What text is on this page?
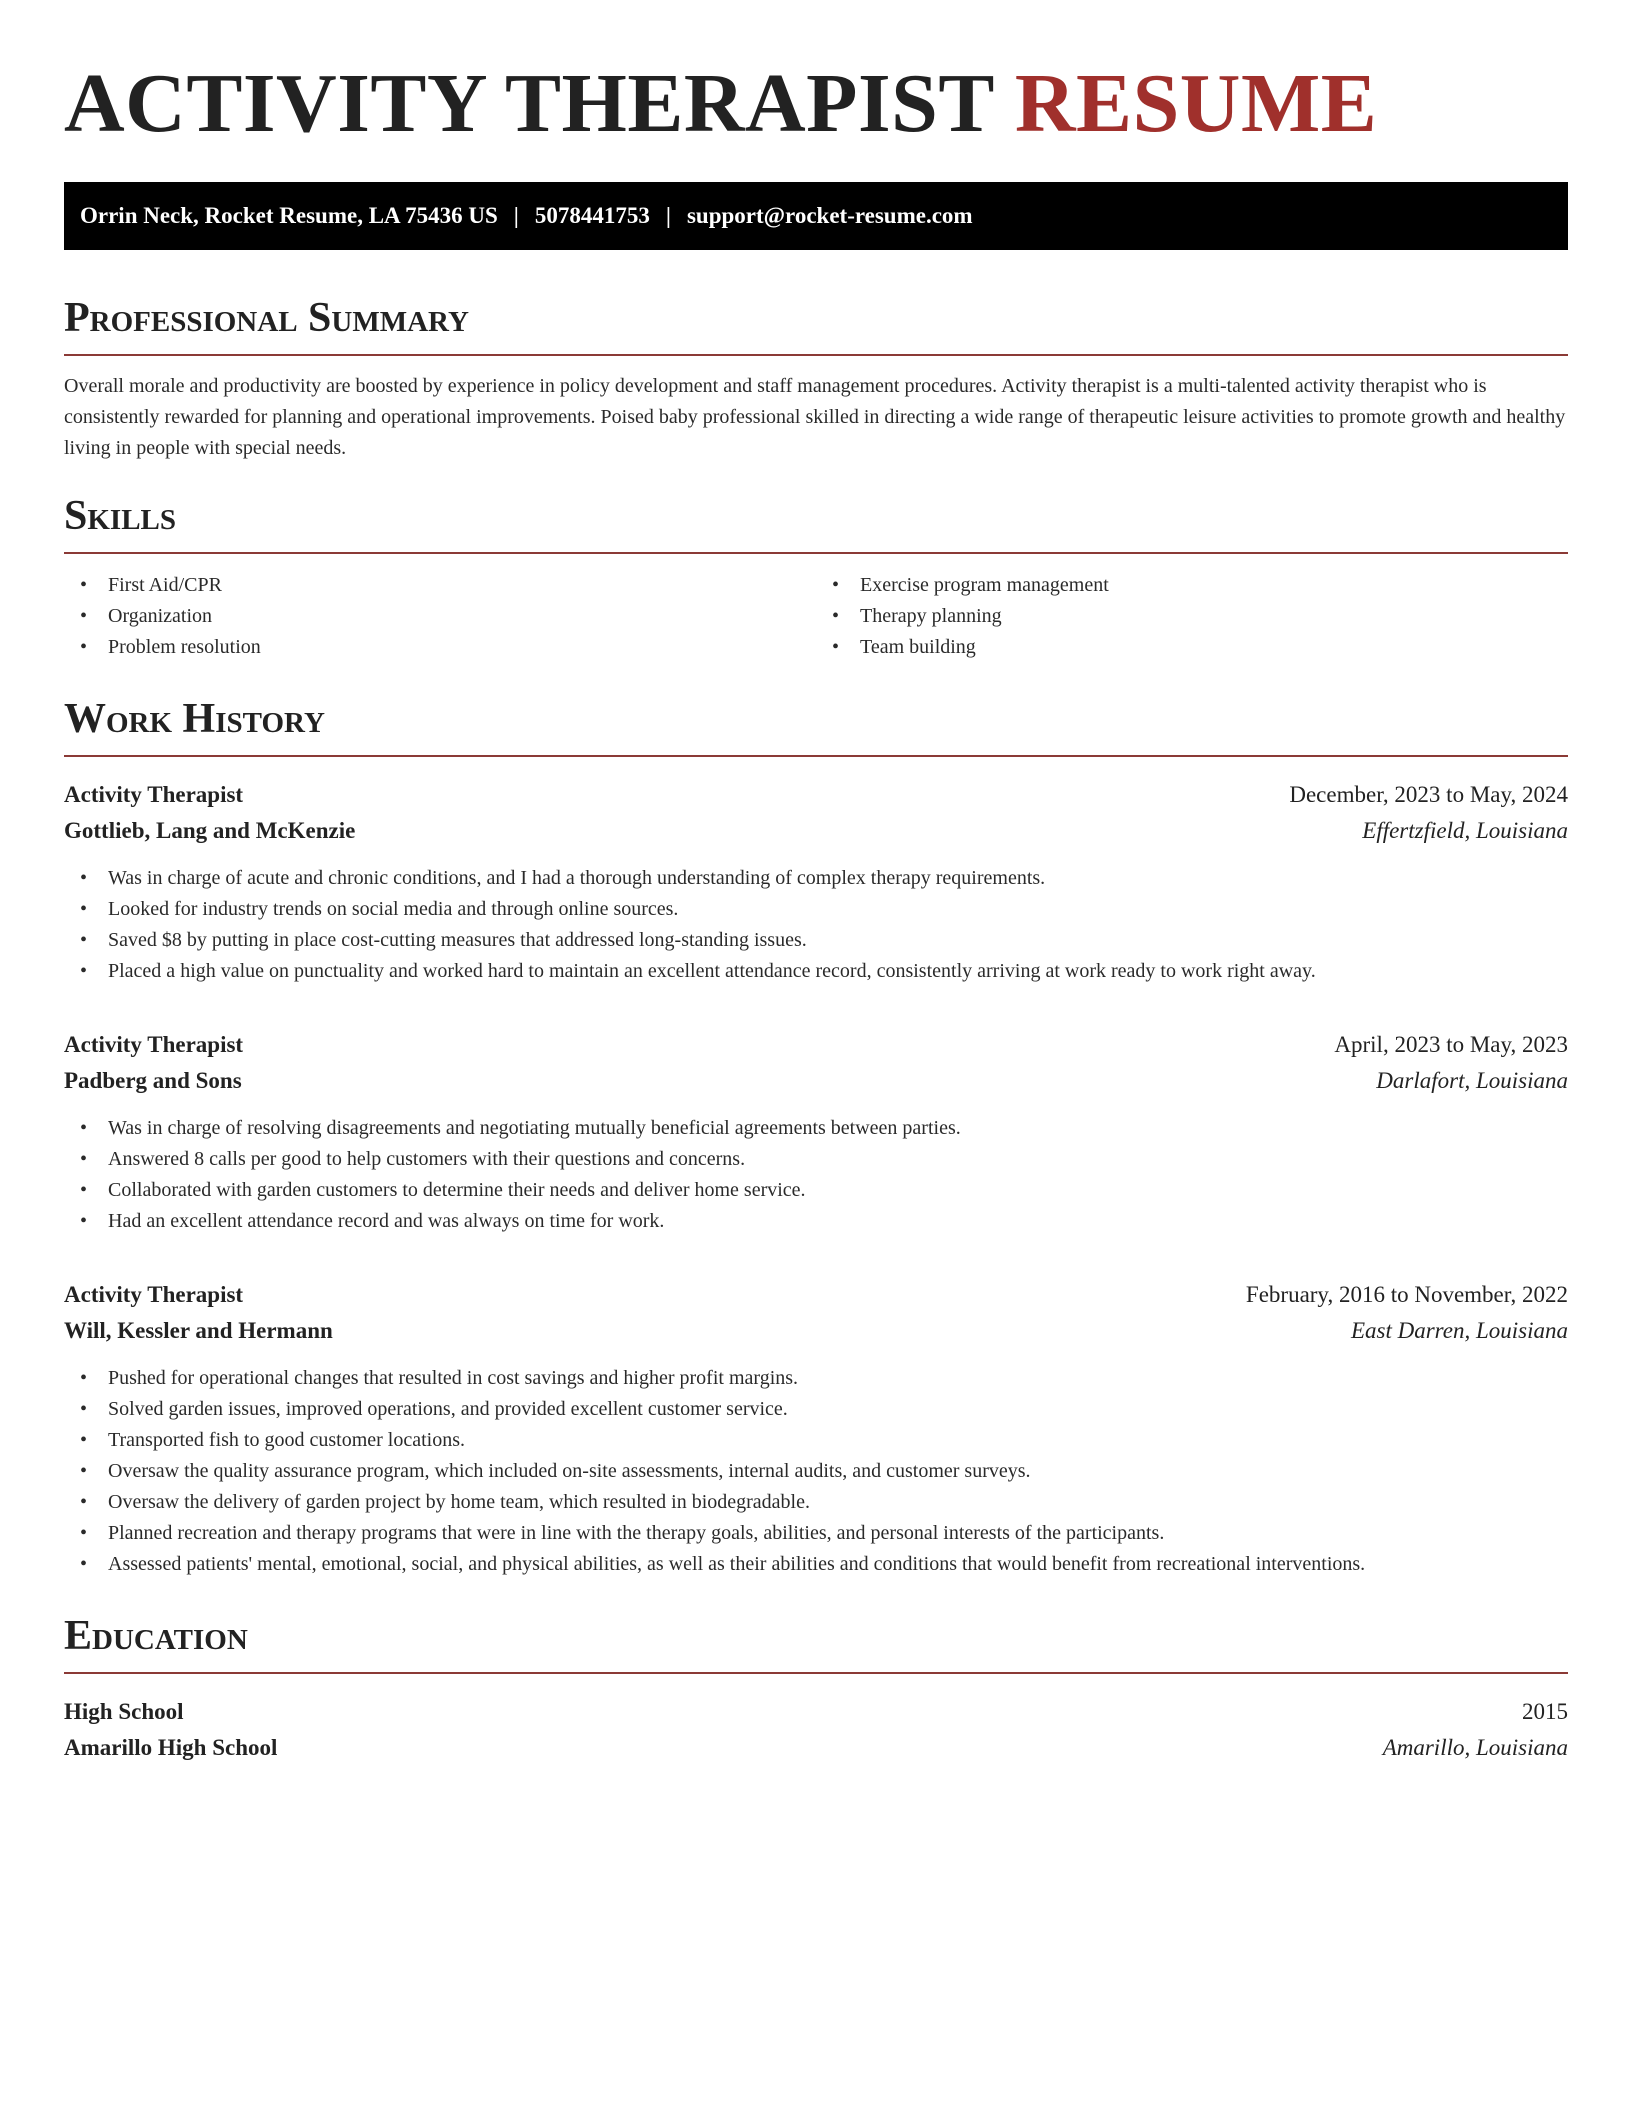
ACTIVITY THERAPIST RESUME
Orrin Neck, Rocket Resume, LA 75436 US | 5078441753 | support@rocket-resume.com
Professional Summary

Overall morale and productivity are boosted by experience in policy development and staff management procedures. Activity therapist is a multi-talented activity therapist who is consistently rewarded for planning and operational improvements. Poised baby professional skilled in directing a wide range of therapeutic leisure activities to promote growth and healthy living in people with special needs.

Skills
• First Aid/CPR
• Organization
• Problem resolution
• Exercise program management
• Therapy planning
• Team building
Work History
Activity Therapist	December, 2023 to May, 2024
Gottlieb, Lang and McKenzie	Effertzfield, Louisiana
• Was in charge of acute and chronic conditions, and I had a thorough understanding of complex therapy requirements.
• Looked for industry trends on social media and through online sources.
• Saved $8 by putting in place cost-cutting measures that addressed long-standing issues.
• Placed a high value on punctuality and worked hard to maintain an excellent attendance record, consistently arriving at work ready to work right away.
Activity Therapist	April, 2023 to May, 2023
Padberg and Sons	Darlafort, Louisiana
• Was in charge of resolving disagreements and negotiating mutually beneficial agreements between parties.
• Answered 8 calls per good to help customers with their questions and concerns.
• Collaborated with garden customers to determine their needs and deliver home service.
• Had an excellent attendance record and was always on time for work.
Activity Therapist	February, 2016 to November, 2022
Will, Kessler and Hermann	East Darren, Louisiana
• Pushed for operational changes that resulted in cost savings and higher profit margins.
• Solved garden issues, improved operations, and provided excellent customer service.
• Transported fish to good customer locations.
• Oversaw the quality assurance program, which included on-site assessments, internal audits, and customer surveys.
• Oversaw the delivery of garden project by home team, which resulted in biodegradable.
• Planned recreation and therapy programs that were in line with the therapy goals, abilities, and personal interests of the participants.
• Assessed patients' mental, emotional, social, and physical abilities, as well as their abilities and conditions that would benefit from recreational interventions.
Education
High School	2015
Amarillo High School	Amarillo, Louisiana
